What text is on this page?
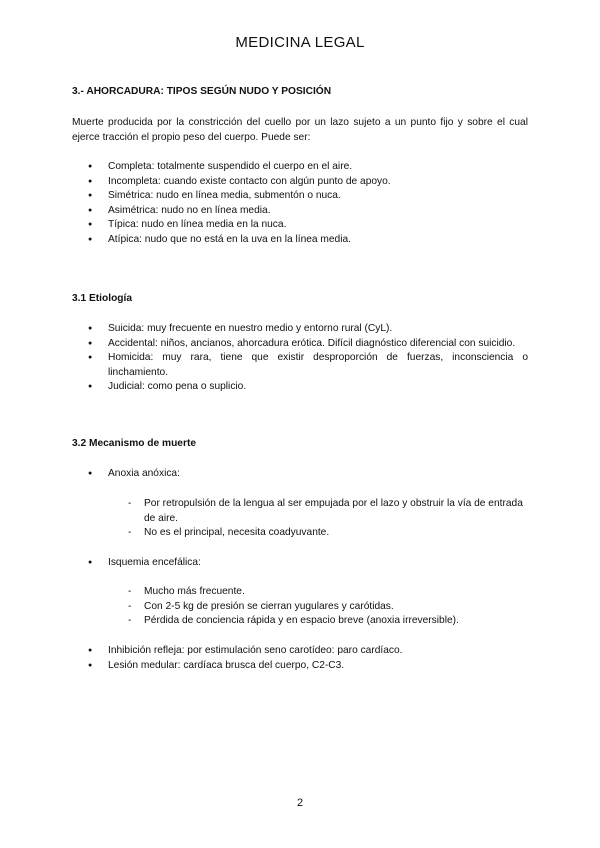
MEDICINA LEGAL
3.- AHORCADURA: TIPOS SEGÚN NUDO Y POSICIÓN
Muerte producida por la constricción del cuello por un lazo sujeto a un punto fijo y sobre el cual ejerce tracción el propio peso del cuerpo. Puede ser:
● Completa: totalmente suspendido el cuerpo en el aire.
● Incompleta: cuando existe contacto con algún punto de apoyo.
● Simétrica: nudo en línea media, submentón o nuca.
● Asimétrica: nudo no en línea media.
● Típica: nudo en línea media en la nuca.
● Atípica: nudo que no está en la uva en la línea media.
3.1 Etiología
● Suicida: muy frecuente en nuestro medio y entorno rural (CyL).
● Accidental: niños, ancianos, ahorcadura erótica. Difícil diagnóstico diferencial con suicidio.
● Homicida: muy rara, tiene que existir desproporción de fuerzas, inconsciencia o linchamiento.
● Judicial: como pena o suplicio.
3.2 Mecanismo de muerte
● Anoxia anóxica:
- Por retropulsión de la lengua al ser empujada por el lazo y obstruir la vía de entrada de aire.
- No es el principal, necesita coadyuvante.
● Isquemia encefálica:
- Mucho más frecuente.
- Con 2-5 kg de presión se cierran yugulares y carótidas.
- Pérdida de conciencia rápida y en espacio breve (anoxia irreversible).
● Inhibición refleja: por estimulación seno carotídeo: paro cardíaco.
● Lesión medular: cardíaca brusca del cuerpo, C2-C3.
2
